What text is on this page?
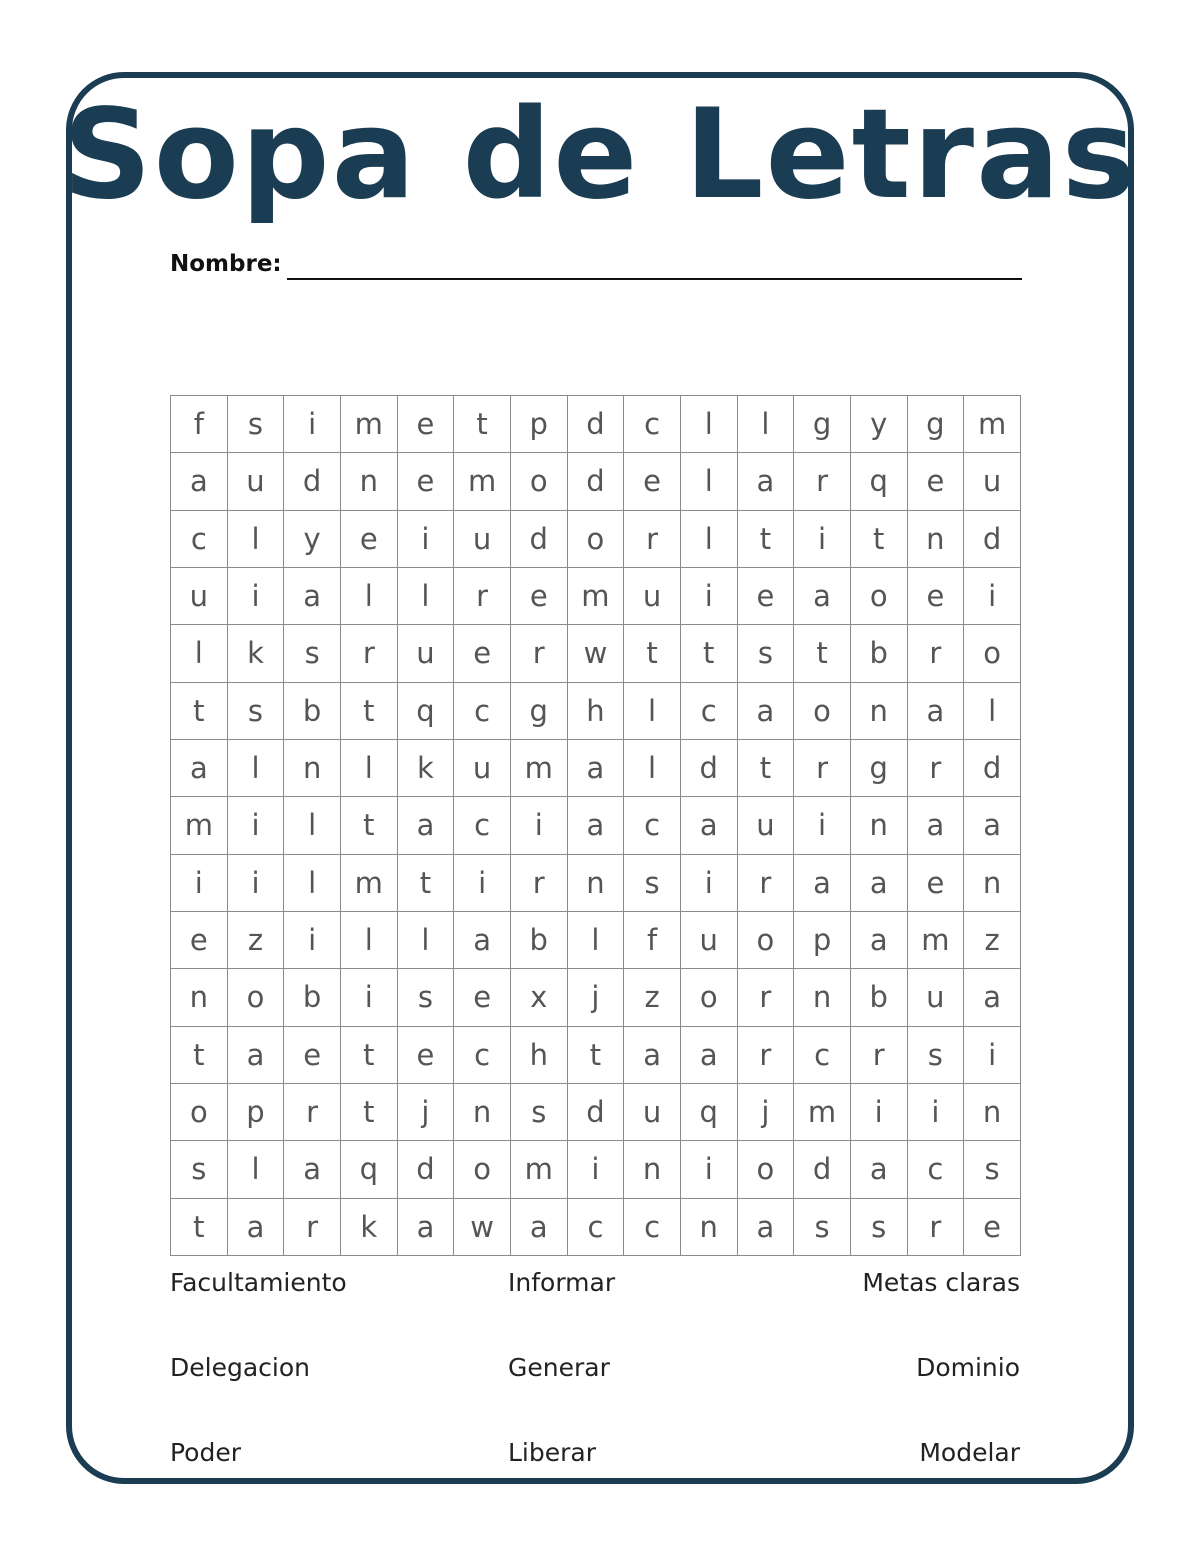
Sopa de Letras
Nombre:
f	s	i	m	e	t	p	d	c	l	l	g	y	g	m
a	u	d	n	e	m	o	d	e	l	a	r	q	e	u
c	l	y	e	i	u	d	o	r	l	t	i	t	n	d
u	i	a	l	l	r	e	m	u	i	e	a	o	e	i
l	k	s	r	u	e	r	w	t	t	s	t	b	r	o
t	s	b	t	q	c	g	h	l	c	a	o	n	a	l
a	l	n	l	k	u	m	a	l	d	t	r	g	r	d
m	i	l	t	a	c	i	a	c	a	u	i	n	a	a
i	i	l	m	t	i	r	n	s	i	r	a	a	e	n
e	z	i	l	l	a	b	l	f	u	o	p	a	m	z
n	o	b	i	s	e	x	j	z	o	r	n	b	u	a
t	a	e	t	e	c	h	t	a	a	r	c	r	s	i
o	p	r	t	j	n	s	d	u	q	j	m	i	i	n
s	l	a	q	d	o	m	i	n	i	o	d	a	c	s
t	a	r	k	a	w	a	c	c	n	a	s	s	r	e
Facultamiento	Informar	Metas claras
Delegacion	Generar	Dominio
Poder	Liberar	Modelar
